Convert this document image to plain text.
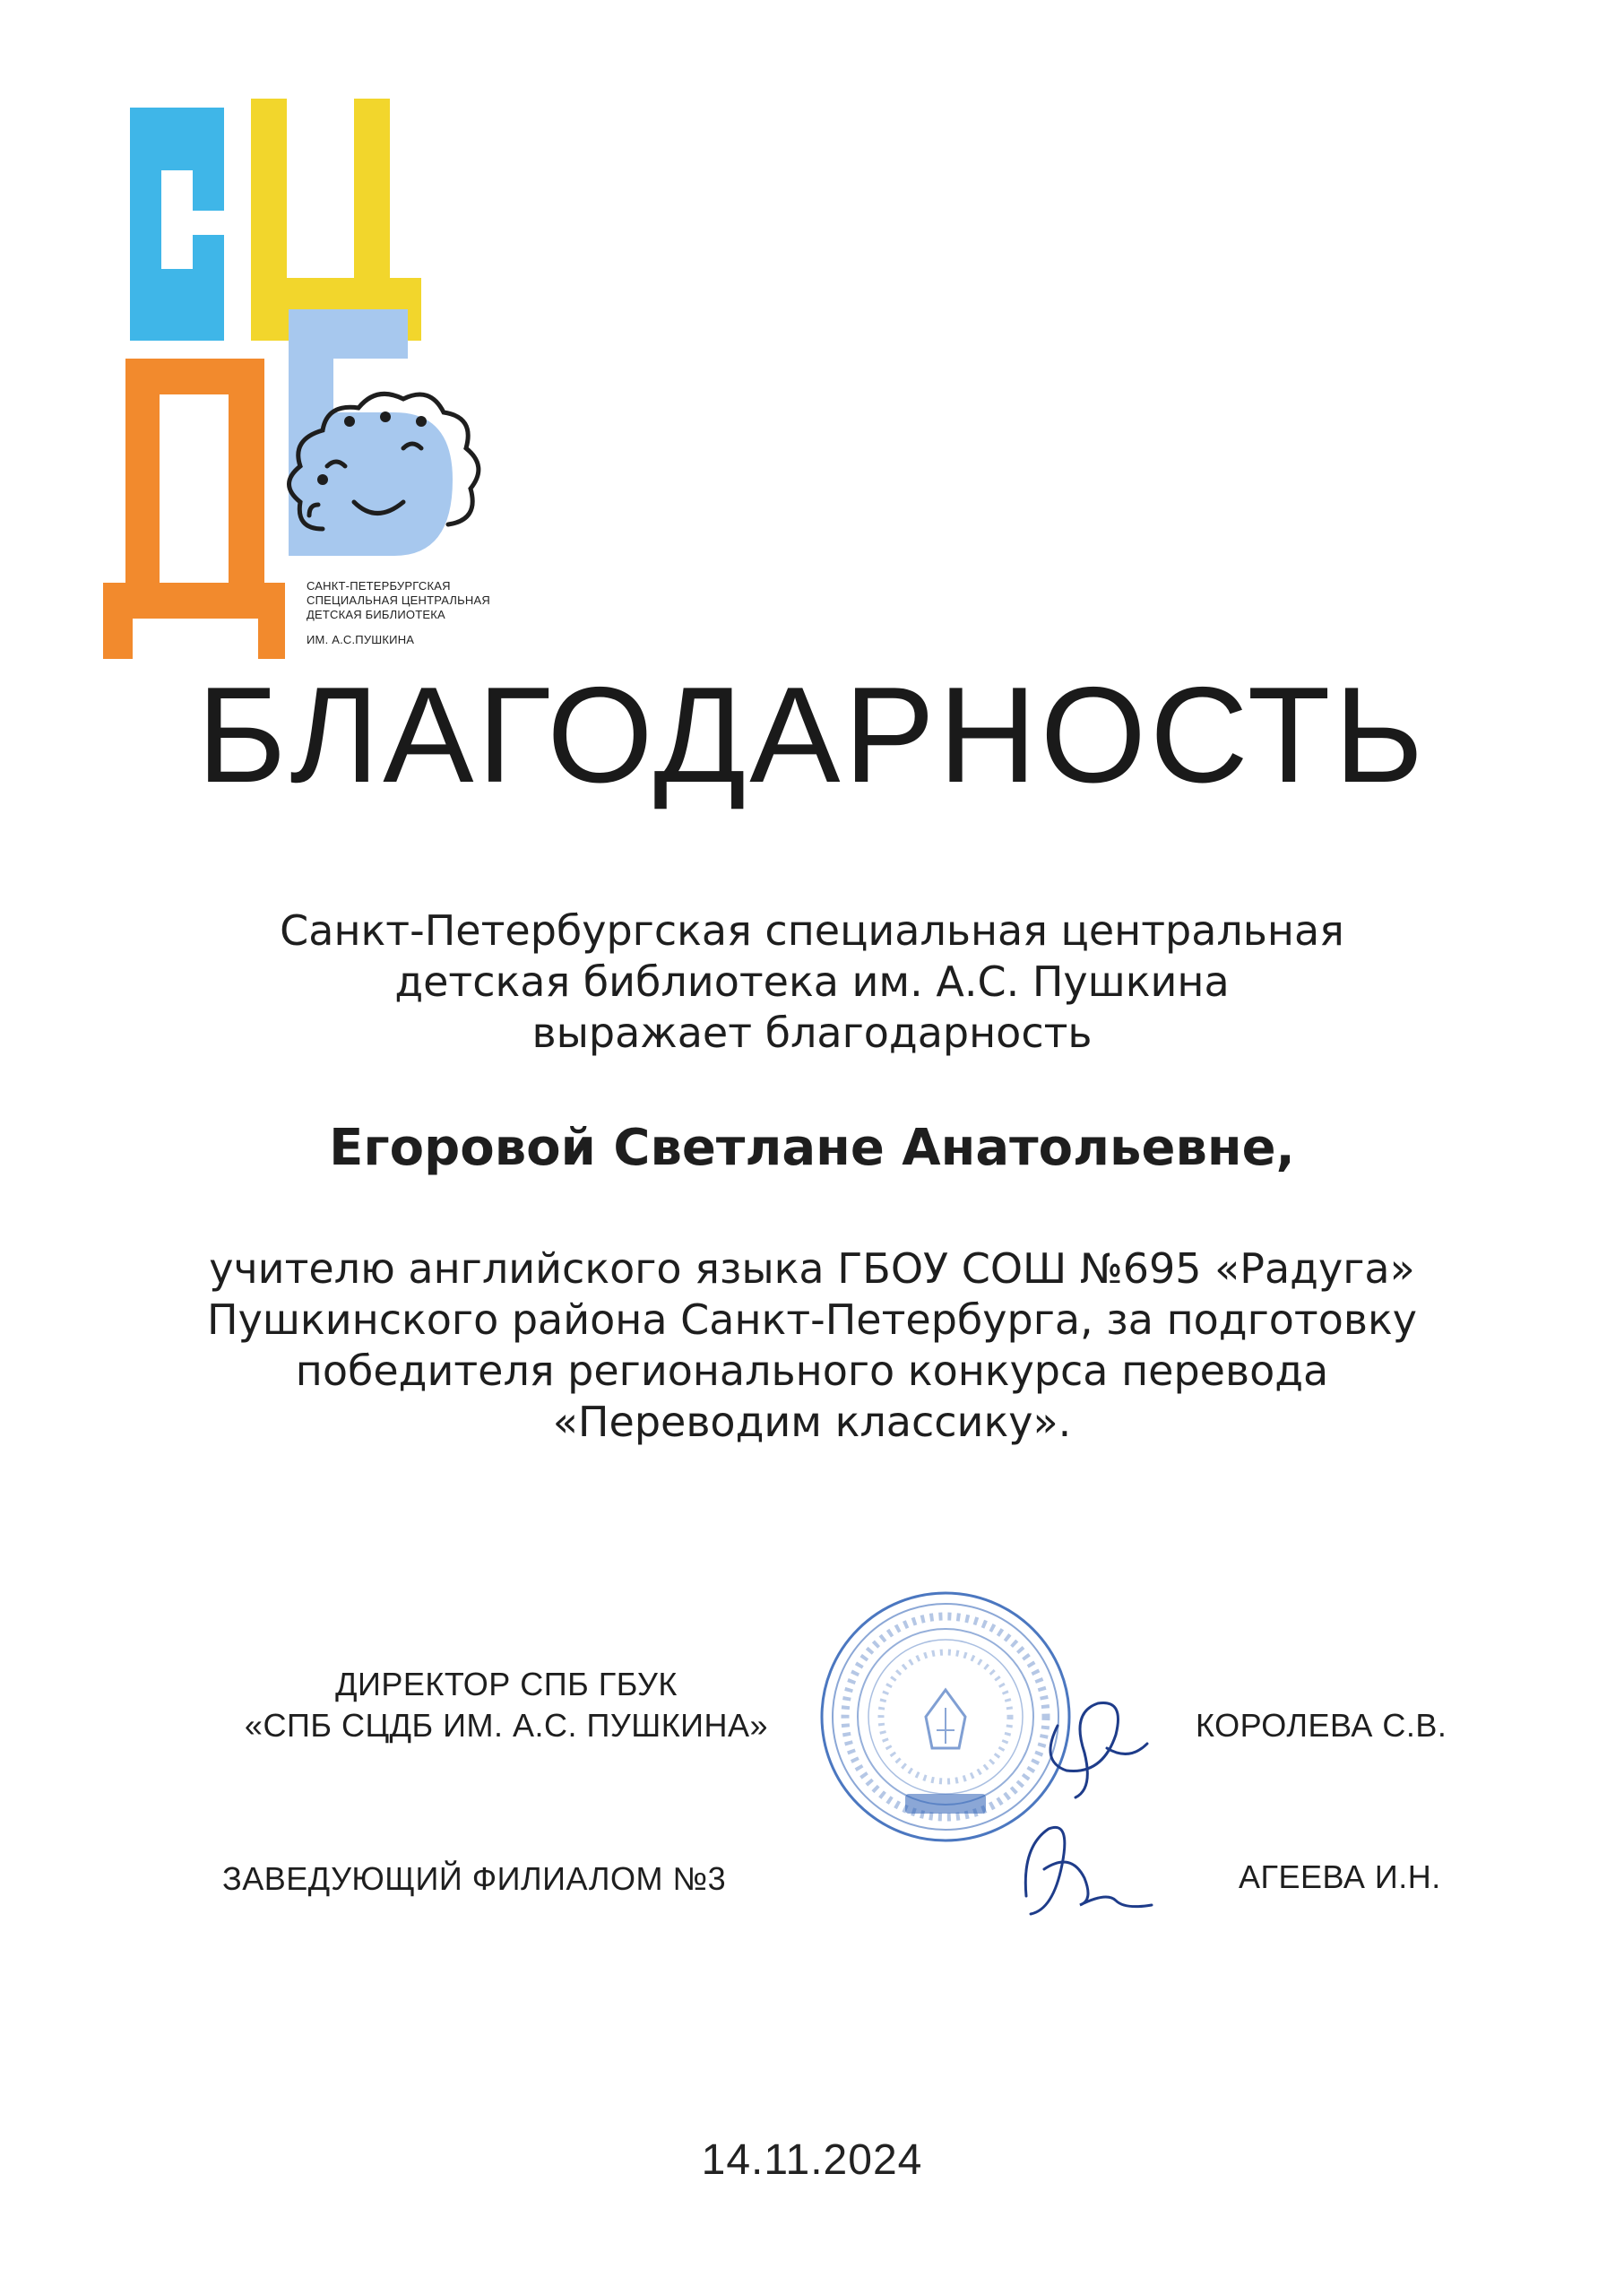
САНКТ-ПЕТЕРБУРГСКАЯ
СПЕЦИАЛЬНАЯ ЦЕНТРАЛЬНАЯ
ДЕТСКАЯ БИБЛИОТЕКА
ИМ. А.С.ПУШКИНА
БЛАГОДАРНОСТЬ
Санкт-Петербургская специальная центральная
детская библиотека им. А.С. Пушкина
выражает благодарность
Егоровой Светлане Анатольевне,
учителю английского языка ГБОУ СОШ №695 «Радуга»
Пушкинского района Санкт-Петербурга, за подготовку
победителя регионального конкурса перевода
«Переводим классику».
ДИРЕКТОР СПБ ГБУК
«СПБ СЦДБ ИМ. А.С. ПУШКИНА»	КОРОЛЕВА С.В.
ЗАВЕДУЮЩИЙ ФИЛИАЛОМ №3	АГЕЕВА И.Н.
14.11.2024
